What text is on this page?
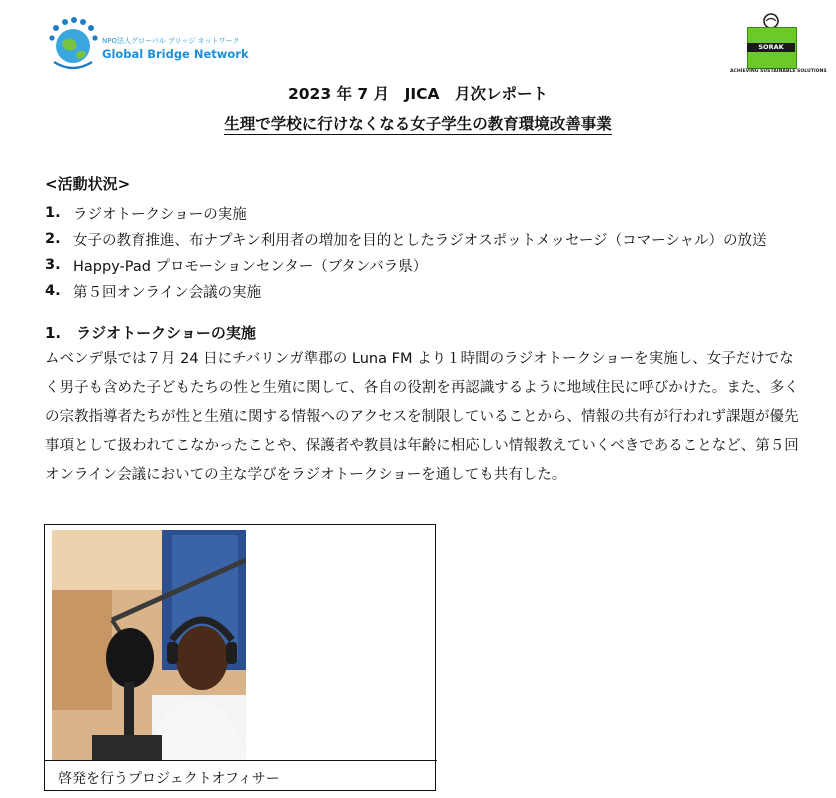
NPO法人グローバル ブリッジ ネットワーク
Global Bridge Network	SORAK
ACHIEVING SUSTAINABLE SOLUTIONS
2023 年 7 月　JICA　月次レポート
生理で学校に行けなくなる女子学生の教育環境改善事業
<活動状況>
1. ラジオトークショーの実施
2. 女子の教育推進、布ナプキン利用者の増加を目的としたラジオスポットメッセージ（コマーシャル）の放送
3. Happy-Pad プロモーションセンター（ブタンバラ県）
4. 第５回オンライン会議の実施
1.　ラジオトークショーの実施

ムベンデ県では７月 24 日にチバリンガ準郡の Luna FM より１時間のラジオトークショーを実施し、女子だけでなく男子も含めた子どもたちの性と生殖に関して、各自の役割を再認識するように地域住民に呼びかけた。また、多くの宗教指導者たちが性と生殖に関する情報へのアクセスを制限していることから、情報の共有が行われず課題が優先事項として扱われてこなかったことや、保護者や教員は年齢に相応しい情報教えていくべきであることなど、第５回オンライン会議においての主な学びをラジオトークショーを通しても共有した。

啓発を行うプロジェクトオフィサー
